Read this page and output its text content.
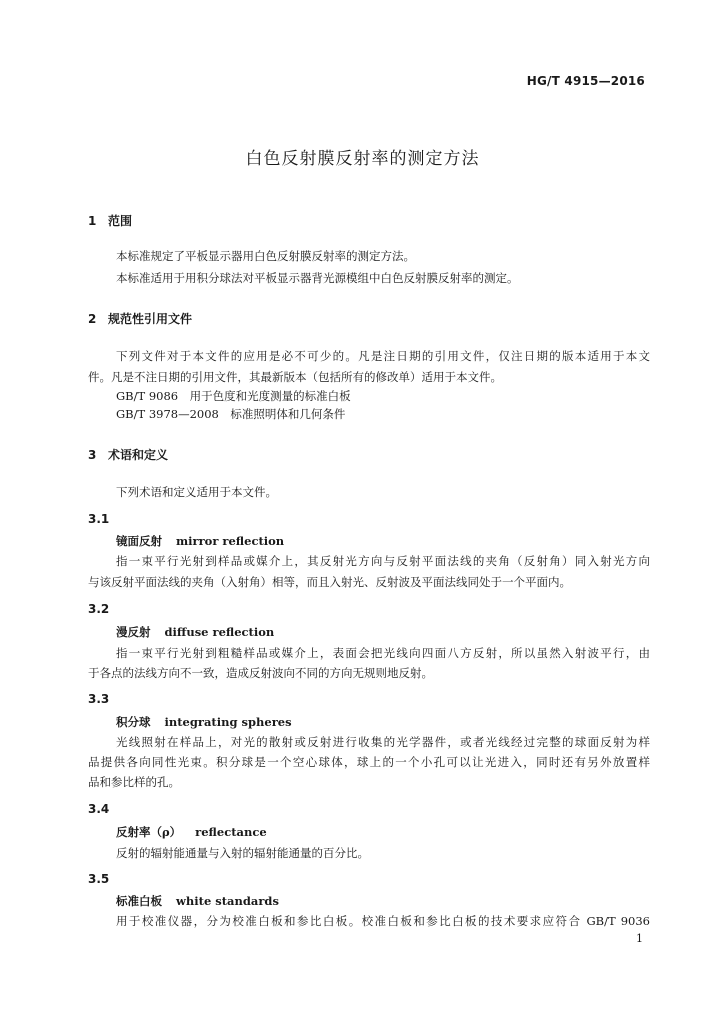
HG/T 4915—2016
白色反射膜反射率的测定方法
1 范围
本标准规定了平板显示器用白色反射膜反射率的测定方法。
本标准适用于用积分球法对平板显示器背光源模组中白色反射膜反射率的测定。
2 规范性引用文件
下列文件对于本文件的应用是必不可少的。凡是注日期的引用文件，仅注日期的版本适用于本文
件。凡是不注日期的引用文件，其最新版本（包括所有的修改单）适用于本文件。
GB/T 9086　用于色度和光度测量的标准白板
GB/T 3978—2008　标准照明体和几何条件
3 术语和定义
下列术语和定义适用于本文件。
3.1
镜面反射 mirror reflection
指一束平行光射到样品或媒介上，其反射光方向与反射平面法线的夹角（反射角）同入射光方向
与该反射平面法线的夹角（入射角）相等，而且入射光、反射波及平面法线同处于一个平面内。
3.2
漫反射 diffuse reflection
指一束平行光射到粗糙样品或媒介上，表面会把光线向四面八方反射，所以虽然入射波平行，由
于各点的法线方向不一致，造成反射波向不同的方向无规则地反射。
3.3
积分球 integrating spheres
光线照射在样品上，对光的散射或反射进行收集的光学器件，或者光线经过完整的球面反射为样
品提供各向同性光束。积分球是一个空心球体，球上的一个小孔可以让光进入，同时还有另外放置样
品和参比样的孔。
3.4
反射率（ρ） reflectance
反射的辐射能通量与入射的辐射能通量的百分比。
3.5
标准白板 white standards
用于校准仪器，分为校准白板和参比白板。校准白板和参比白板的技术要求应符合 GB/T 9036
1
